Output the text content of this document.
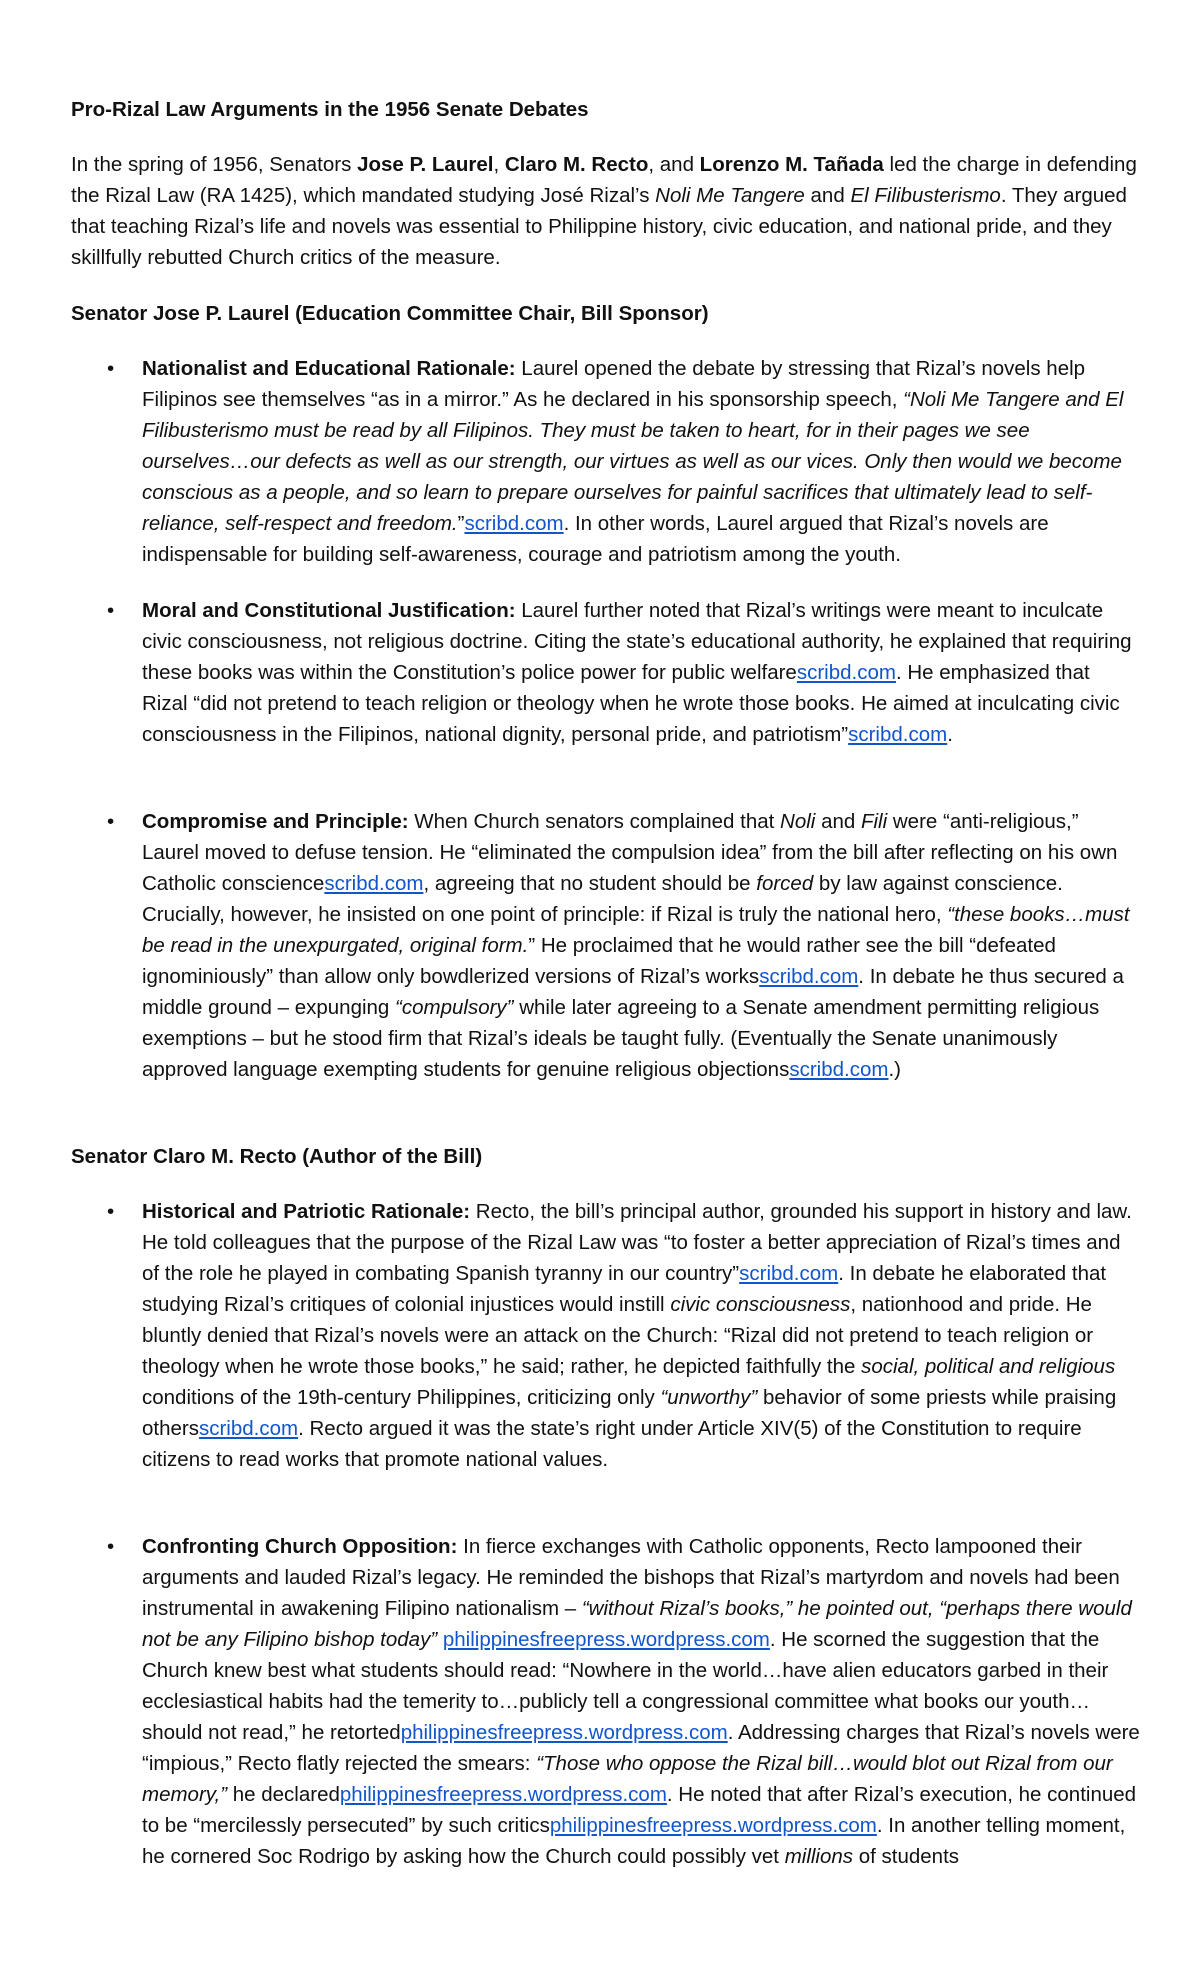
Pro-Rizal Law Arguments in the 1956 Senate Debates

In the spring of 1956, Senators Jose P. Laurel, Claro M. Recto, and Lorenzo M. Tañada led the charge in defending the Rizal Law (RA 1425), which mandated studying José Rizal’s Noli Me Tangere and El Filibusterismo. They argued that teaching Rizal’s life and novels was essential to Philippine history, civic education, and national pride, and they skillfully rebutted Church critics of the measure.

Senator Jose P. Laurel (Education Committee Chair, Bill Sponsor)

• Nationalist and Educational Rationale: Laurel opened the debate by stressing that Rizal’s novels help Filipinos see themselves “as in a mirror.” As he declared in his sponsorship speech, “Noli Me Tangere and El Filibusterismo must be read by all Filipinos. They must be taken to heart, for in their pages we see ourselves…our defects as well as our strength, our virtues as well as our vices. Only then would we become conscious as a people, and so learn to prepare ourselves for painful sacrifices that ultimately lead to self-reliance, self-respect and freedom.”scribd.com. In other words, Laurel argued that Rizal’s novels are indispensable for building self-awareness, courage and patriotism among the youth.

• Moral and Constitutional Justification: Laurel further noted that Rizal’s writings were meant to inculcate civic consciousness, not religious doctrine. Citing the state’s educational authority, he explained that requiring these books was within the Constitution’s police power for public welfarescribd.com. He emphasized that Rizal “did not pretend to teach religion or theology when he wrote those books. He aimed at inculcating civic consciousness in the Filipinos, national dignity, personal pride, and patriotism”scribd.com.

• Compromise and Principle: When Church senators complained that Noli and Fili were “anti-religious,” Laurel moved to defuse tension. He “eliminated the compulsion idea” from the bill after reflecting on his own Catholic consciencescribd.com, agreeing that no student should be forced by law against conscience. Crucially, however, he insisted on one point of principle: if Rizal is truly the national hero, “these books…must be read in the unexpurgated, original form.” He proclaimed that he would rather see the bill “defeated ignominiously” than allow only bowdlerized versions of Rizal’s worksscribd.com. In debate he thus secured a middle ground – expunging “compulsory” while later agreeing to a Senate amendment permitting religious exemptions – but he stood firm that Rizal’s ideals be taught fully. (Eventually the Senate unanimously approved language exempting students for genuine religious objectionsscribd.com.)

Senator Claro M. Recto (Author of the Bill)

• Historical and Patriotic Rationale: Recto, the bill’s principal author, grounded his support in history and law. He told colleagues that the purpose of the Rizal Law was “to foster a better appreciation of Rizal’s times and of the role he played in combating Spanish tyranny in our country”scribd.com. In debate he elaborated that studying Rizal’s critiques of colonial injustices would instill civic consciousness, nationhood and pride. He bluntly denied that Rizal’s novels were an attack on the Church: “Rizal did not pretend to teach religion or theology when he wrote those books,” he said; rather, he depicted faithfully the social, political and religious conditions of the 19th-century Philippines, criticizing only “unworthy” behavior of some priests while praising othersscribd.com. Recto argued it was the state’s right under Article XIV(5) of the Constitution to require citizens to read works that promote national values.

• Confronting Church Opposition: In fierce exchanges with Catholic opponents, Recto lampooned their arguments and lauded Rizal’s legacy. He reminded the bishops that Rizal’s martyrdom and novels had been instrumental in awakening Filipino nationalism – “without Rizal’s books,” he pointed out, “perhaps there would not be any Filipino bishop today” philippinesfreepress.wordpress.com. He scorned the suggestion that the Church knew best what students should read: “Nowhere in the world…have alien educators garbed in their ecclesiastical habits had the temerity to…publicly tell a congressional committee what books our youth…should not read,” he retortedphilippinesfreepress.wordpress.com. Addressing charges that Rizal’s novels were “impious,” Recto flatly rejected the smears: “Those who oppose the Rizal bill…would blot out Rizal from our memory,” he declaredphilippinesfreepress.wordpress.com. He noted that after Rizal’s execution, he continued to be “mercilessly persecuted” by such criticsphilippinesfreepress.wordpress.com. In another telling moment, he cornered Soc Rodrigo by asking how the Church could possibly vet millions of students
